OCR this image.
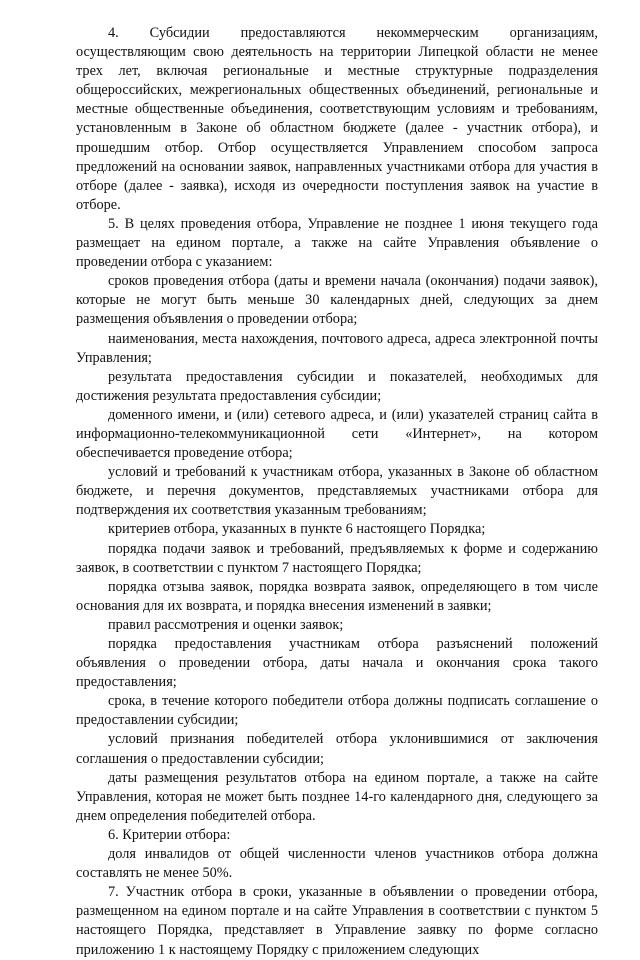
4. Субсидии предоставляются некоммерческим организациям, осуществляющим свою деятельность на территории Липецкой области не менее трех лет, включая региональные и местные структурные подразделения общероссийских, межрегиональных общественных объединений, региональные и местные общественные объединения, соответствующим условиям и требованиям, установленным в Законе об областном бюджете (далее - участник отбора), и прошедшим отбор. Отбор осуществляется Управлением способом запроса предложений на основании заявок, направленных участниками отбора для участия в отборе (далее - заявка), исходя из очередности поступления заявок на участие в отборе.

5. В целях проведения отбора, Управление не позднее 1 июня текущего года размещает на едином портале, а также на сайте Управления объявление о проведении отбора с указанием:

сроков проведения отбора (даты и времени начала (окончания) подачи заявок), которые не могут быть меньше 30 календарных дней, следующих за днем размещения объявления о проведении отбора;

наименования, места нахождения, почтового адреса, адреса электронной почты Управления;

результата предоставления субсидии и показателей, необходимых для достижения результата предоставления субсидии;

доменного имени, и (или) сетевого адреса, и (или) указателей страниц сайта в информационно-телекоммуникационной сети «Интернет», на котором обеспечивается проведение отбора;

условий и требований к участникам отбора, указанных в Законе об областном бюджете, и перечня документов, представляемых участниками отбора для подтверждения их соответствия указанным требованиям;

критериев отбора, указанных в пункте 6 настоящего Порядка;

порядка подачи заявок и требований, предъявляемых к форме и содержанию заявок, в соответствии с пунктом 7 настоящего Порядка;

порядка отзыва заявок, порядка возврата заявок, определяющего в том числе основания для их возврата, и порядка внесения изменений в заявки;

правил рассмотрения и оценки заявок;

порядка предоставления участникам отбора разъяснений положений объявления о проведении отбора, даты начала и окончания срока такого предоставления;

срока, в течение которого победители отбора должны подписать соглашение о предоставлении субсидии;

условий признания победителей отбора уклонившимися от заключения соглашения о предоставлении субсидии;

даты размещения результатов отбора на едином портале, а также на сайте Управления, которая не может быть позднее 14-го календарного дня, следующего за днем определения победителей отбора.

6. Критерии отбора:

доля инвалидов от общей численности членов участников отбора должна составлять не менее 50%.

7. Участник отбора в сроки, указанные в объявлении о проведении отбора, размещенном на едином портале и на сайте Управления в соответствии с пунктом 5 настоящего Порядка, представляет в Управление заявку по форме согласно приложению 1 к настоящему Порядку с приложением следующих
